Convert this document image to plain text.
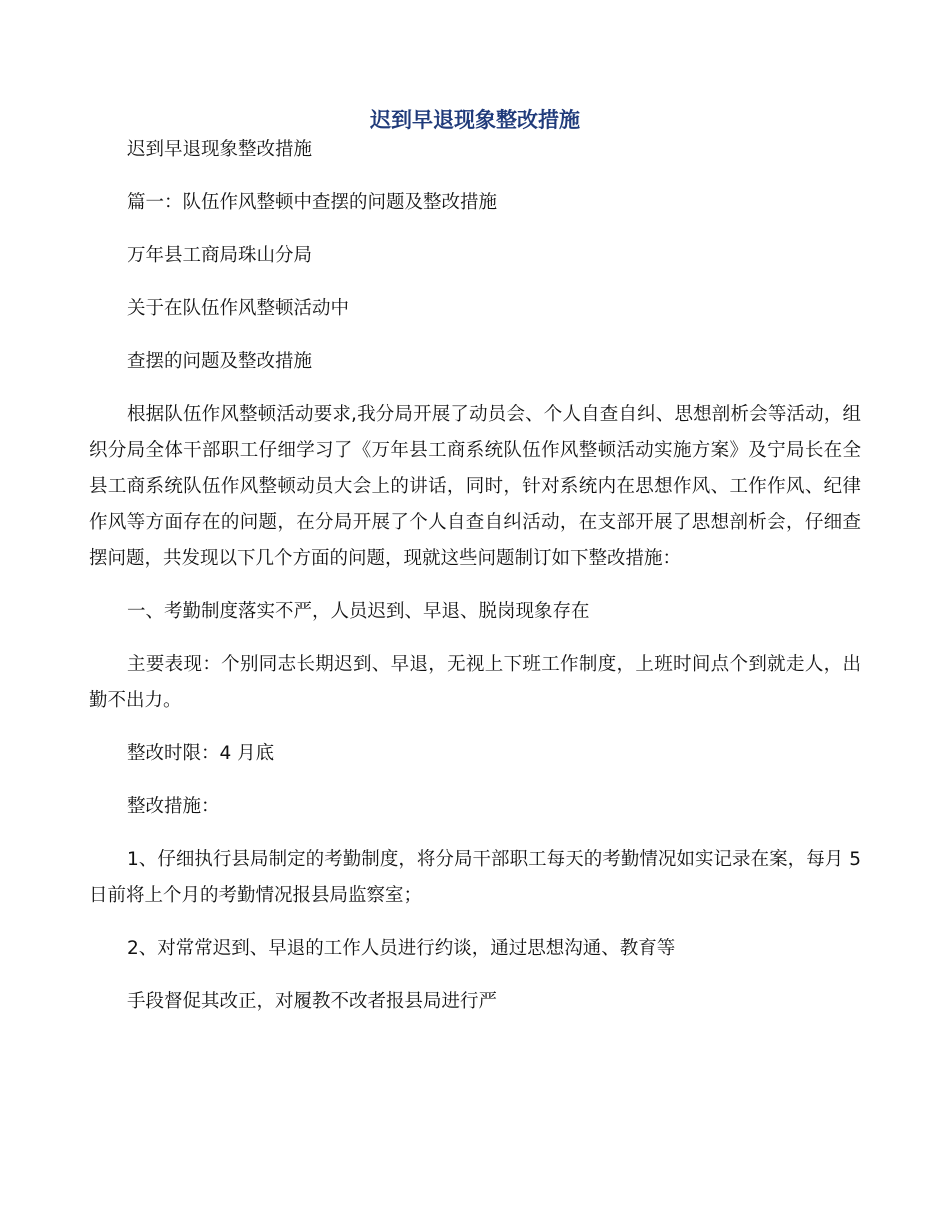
迟到早退现象整改措施

迟到早退现象整改措施

篇一：队伍作风整顿中查摆的问题及整改措施

万年县工商局珠山分局

关于在队伍作风整顿活动中

查摆的问题及整改措施

根据队伍作风整顿活动要求,我分局开展了动员会、个人自查自纠、思想剖析会等活动，组织分局全体干部职工仔细学习了《万年县工商系统队伍作风整顿活动实施方案》及宁局长在全县工商系统队伍作风整顿动员大会上的讲话，同时，针对系统内在思想作风、工作作风、纪律作风等方面存在的问题，在分局开展了个人自查自纠活动，在支部开展了思想剖析会，仔细查摆问题，共发现以下几个方面的问题，现就这些问题制订如下整改措施：

一、考勤制度落实不严，人员迟到、早退、脱岗现象存在

主要表现：个别同志长期迟到、早退，无视上下班工作制度，上班时间点个到就走人，出勤不出力。

整改时限：4 月底

整改措施：

1、仔细执行县局制定的考勤制度，将分局干部职工每天的考勤情况如实记录在案，每月 5 日前将上个月的考勤情况报县局监察室；

2、对常常迟到、早退的工作人员进行约谈，通过思想沟通、教育等

手段督促其改正，对履教不改者报县局进行严
